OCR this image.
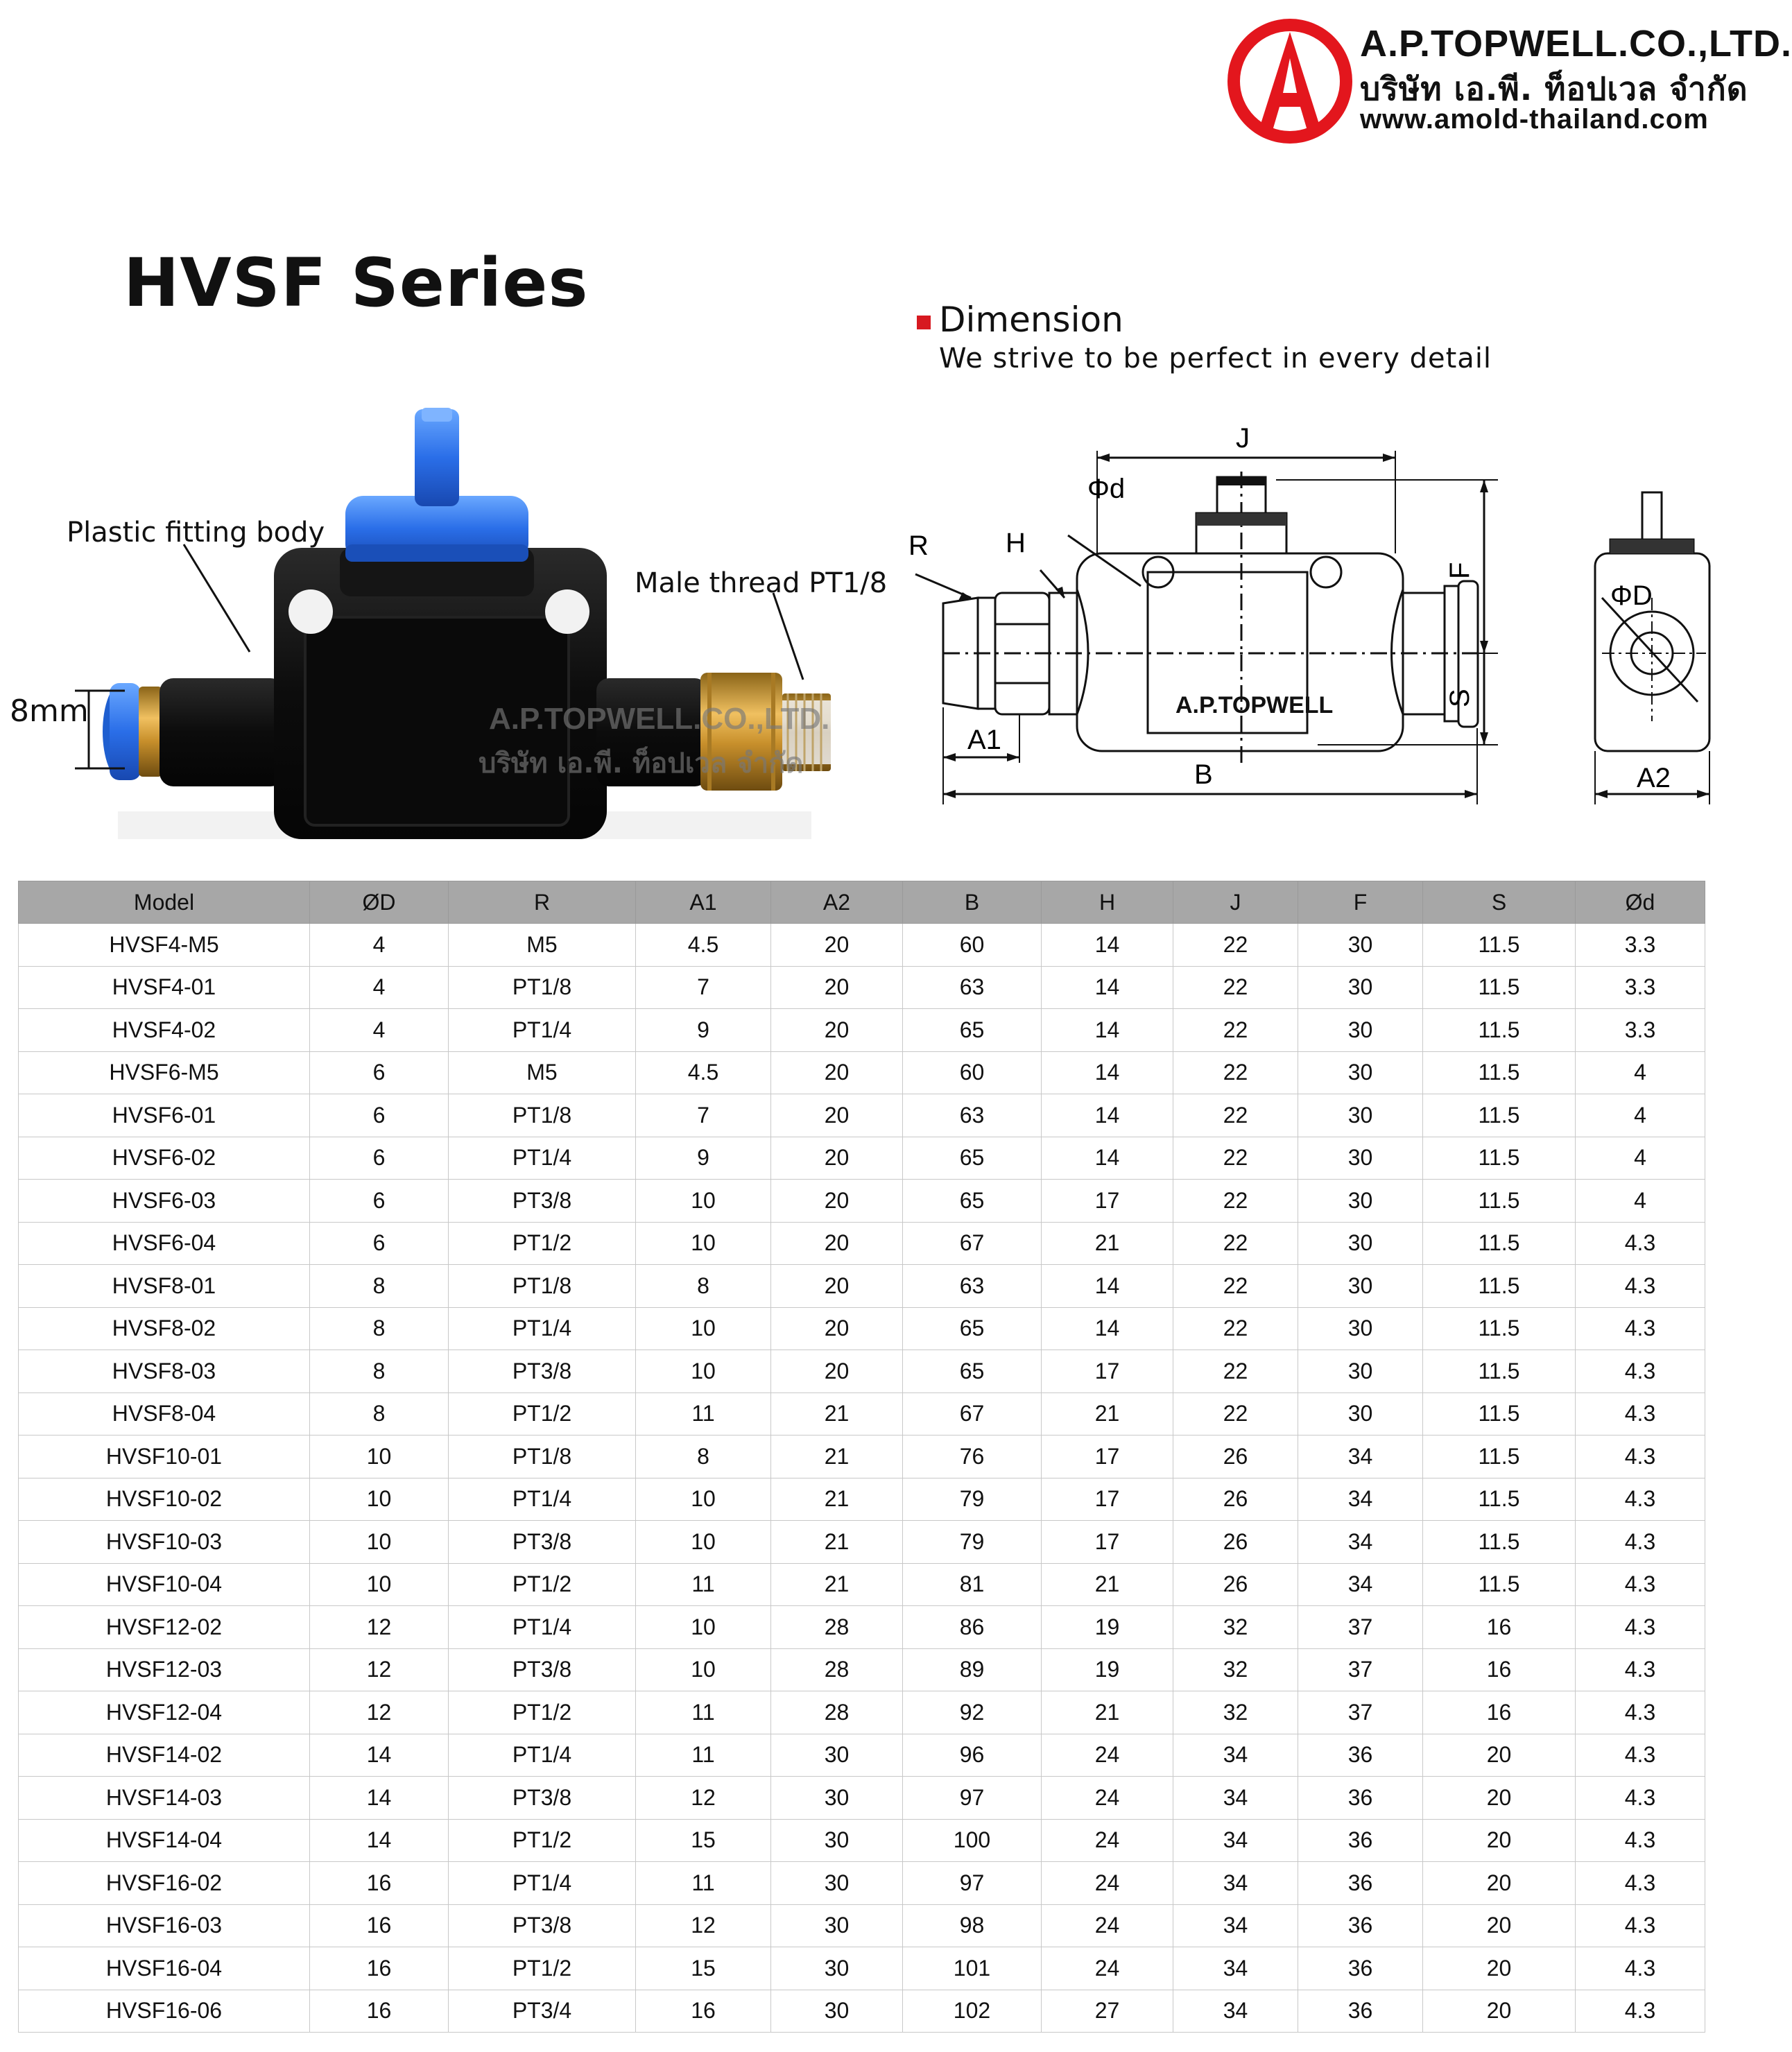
A.P.TOPWELL.CO.,LTD.
บริษัท เอ.พี. ท็อปเวล จำกัด
www.amold-thailand.com
HVSF Series	Dimension
We strive to be perfect in every detail
Plastic fitting body
Male thread PT1/8
8mm	A.P.TOPWELL.CO.,LTD.
บริษัท เอ.พี. ท็อปเวล จำกัด
J
Φd
R	H
F
S
A1
B
ΦD
A2
A.P.TOPWELL
Model	ØD	R	A1	A2	B	H	J	F	S	Ød
HVSF4-M5	4	M5	4.5	20	60	14	22	30	11.5	3.3
HVSF4-01	4	PT1/8	7	20	63	14	22	30	11.5	3.3
HVSF4-02	4	PT1/4	9	20	65	14	22	30	11.5	3.3
HVSF6-M5	6	M5	4.5	20	60	14	22	30	11.5	4
HVSF6-01	6	PT1/8	7	20	63	14	22	30	11.5	4
HVSF6-02	6	PT1/4	9	20	65	14	22	30	11.5	4
HVSF6-03	6	PT3/8	10	20	65	17	22	30	11.5	4
HVSF6-04	6	PT1/2	10	20	67	21	22	30	11.5	4.3
HVSF8-01	8	PT1/8	8	20	63	14	22	30	11.5	4.3
HVSF8-02	8	PT1/4	10	20	65	14	22	30	11.5	4.3
HVSF8-03	8	PT3/8	10	20	65	17	22	30	11.5	4.3
HVSF8-04	8	PT1/2	11	21	67	21	22	30	11.5	4.3
HVSF10-01	10	PT1/8	8	21	76	17	26	34	11.5	4.3
HVSF10-02	10	PT1/4	10	21	79	17	26	34	11.5	4.3
HVSF10-03	10	PT3/8	10	21	79	17	26	34	11.5	4.3
HVSF10-04	10	PT1/2	11	21	81	21	26	34	11.5	4.3
HVSF12-02	12	PT1/4	10	28	86	19	32	37	16	4.3
HVSF12-03	12	PT3/8	10	28	89	19	32	37	16	4.3
HVSF12-04	12	PT1/2	11	28	92	21	32	37	16	4.3
HVSF14-02	14	PT1/4	11	30	96	24	34	36	20	4.3
HVSF14-03	14	PT3/8	12	30	97	24	34	36	20	4.3
HVSF14-04	14	PT1/2	15	30	100	24	34	36	20	4.3
HVSF16-02	16	PT1/4	11	30	97	24	34	36	20	4.3
HVSF16-03	16	PT3/8	12	30	98	24	34	36	20	4.3
HVSF16-04	16	PT1/2	15	30	101	24	34	36	20	4.3
HVSF16-06	16	PT3/4	16	30	102	27	34	36	20	4.3
